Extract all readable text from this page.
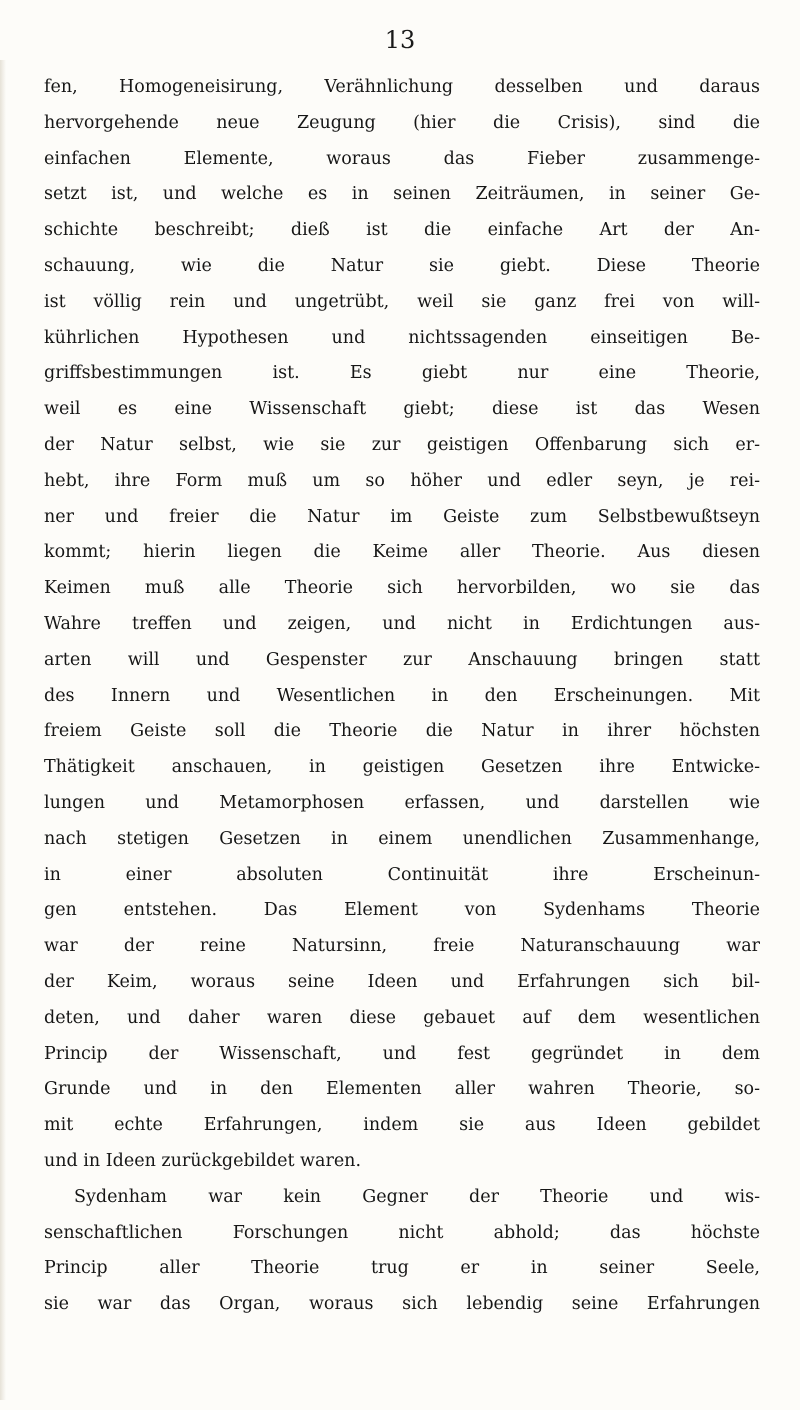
13
fen, Homogeneisirung, Verähnlichung desselben und daraus
hervorgehende neue Zeugung (hier die Crisis), sind die
einfachen Elemente, woraus das Fieber zusammenge-
setzt ist, und welche es in seinen Zeiträumen, in seiner Ge-
schichte beschreibt; dieß ist die einfache Art der An-
schauung, wie die Natur sie giebt. Diese Theorie
ist völlig rein und ungetrübt, weil sie ganz frei von will-
kührlichen Hypothesen und nichtssagenden einseitigen Be-
griffsbestimmungen ist. Es giebt nur eine Theorie,
weil es eine Wissenschaft giebt; diese ist das Wesen
der Natur selbst, wie sie zur geistigen Offenbarung sich er-
hebt, ihre Form muß um so höher und edler seyn, je rei-
ner und freier die Natur im Geiste zum Selbstbewußtseyn
kommt; hierin liegen die Keime aller Theorie. Aus diesen
Keimen muß alle Theorie sich hervorbilden, wo sie das
Wahre treffen und zeigen, und nicht in Erdichtungen aus-
arten will und Gespenster zur Anschauung bringen statt
des Innern und Wesentlichen in den Erscheinungen. Mit
freiem Geiste soll die Theorie die Natur in ihrer höchsten
Thätigkeit anschauen, in geistigen Gesetzen ihre Entwicke-
lungen und Metamorphosen erfassen, und darstellen wie
nach stetigen Gesetzen in einem unendlichen Zusammenhange,
in einer absoluten Continuität ihre Erscheinun-
gen entstehen. Das Element von Sydenhams Theorie
war der reine Natursinn, freie Naturanschauung war
der Keim, woraus seine Ideen und Erfahrungen sich bil-
deten, und daher waren diese gebauet auf dem wesentlichen
Princip der Wissenschaft, und fest gegründet in dem
Grunde und in den Elementen aller wahren Theorie, so-
mit echte Erfahrungen, indem sie aus Ideen gebildet
und in Ideen zurückgebildet waren.
Sydenham war kein Gegner der Theorie und wis-
senschaftlichen Forschungen nicht abhold; das höchste
Princip aller Theorie trug er in seiner Seele,
sie war das Organ, woraus sich lebendig seine Erfahrungen
